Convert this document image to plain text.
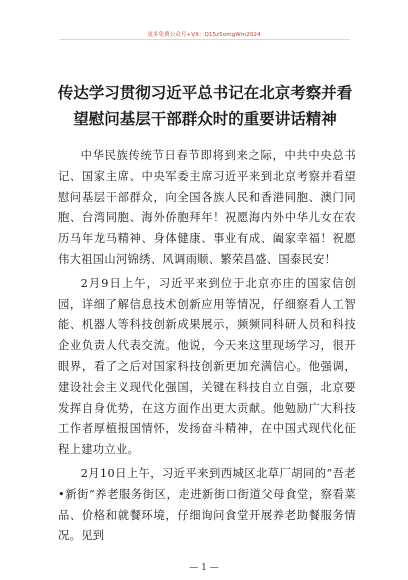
更多免费公众号+VX：Q15z5omgWm2024
传达学习贯彻习近平总书记在北京考察并看望慰问基层干部群众时的重要讲话精神

中华民族传统节日春节即将到来之际，中共中央总书记、国家主席、中央军委主席习近平来到北京考察并看望慰问基层干部群众，向全国各族人民和香港同胞、澳门同胞、台湾同胞、海外侨胞拜年！祝愿海内外中华儿女在农历马年龙马精神、身体健康、事业有成、阖家幸福！祝愿伟大祖国山河锦绣、风调雨顺、繁荣昌盛、国泰民安！

2月9日上午，习近平来到位于北京亦庄的国家信创园，详细了解信息技术创新应用等情况，仔细察看人工智能、机器人等科技创新成果展示，频频同科研人员和科技企业负责人代表交流。他说，今天来这里现场学习，很开眼界，看了之后对国家科技创新更加充满信心。他强调，建设社会主义现代化强国，关键在科技自立自强，北京要发挥自身优势，在这方面作出更大贡献。他勉励广大科技工作者厚植报国情怀，发扬奋斗精神，在中国式现代化征程上建功立业。

2月10日上午，习近平来到西城区北草厂胡同的“吾老•新街”养老服务街区，走进新街口街道父母食堂，察看菜品、价格和就餐环境，仔细询问食堂开展养老助餐服务情况。见到

— 1 —
